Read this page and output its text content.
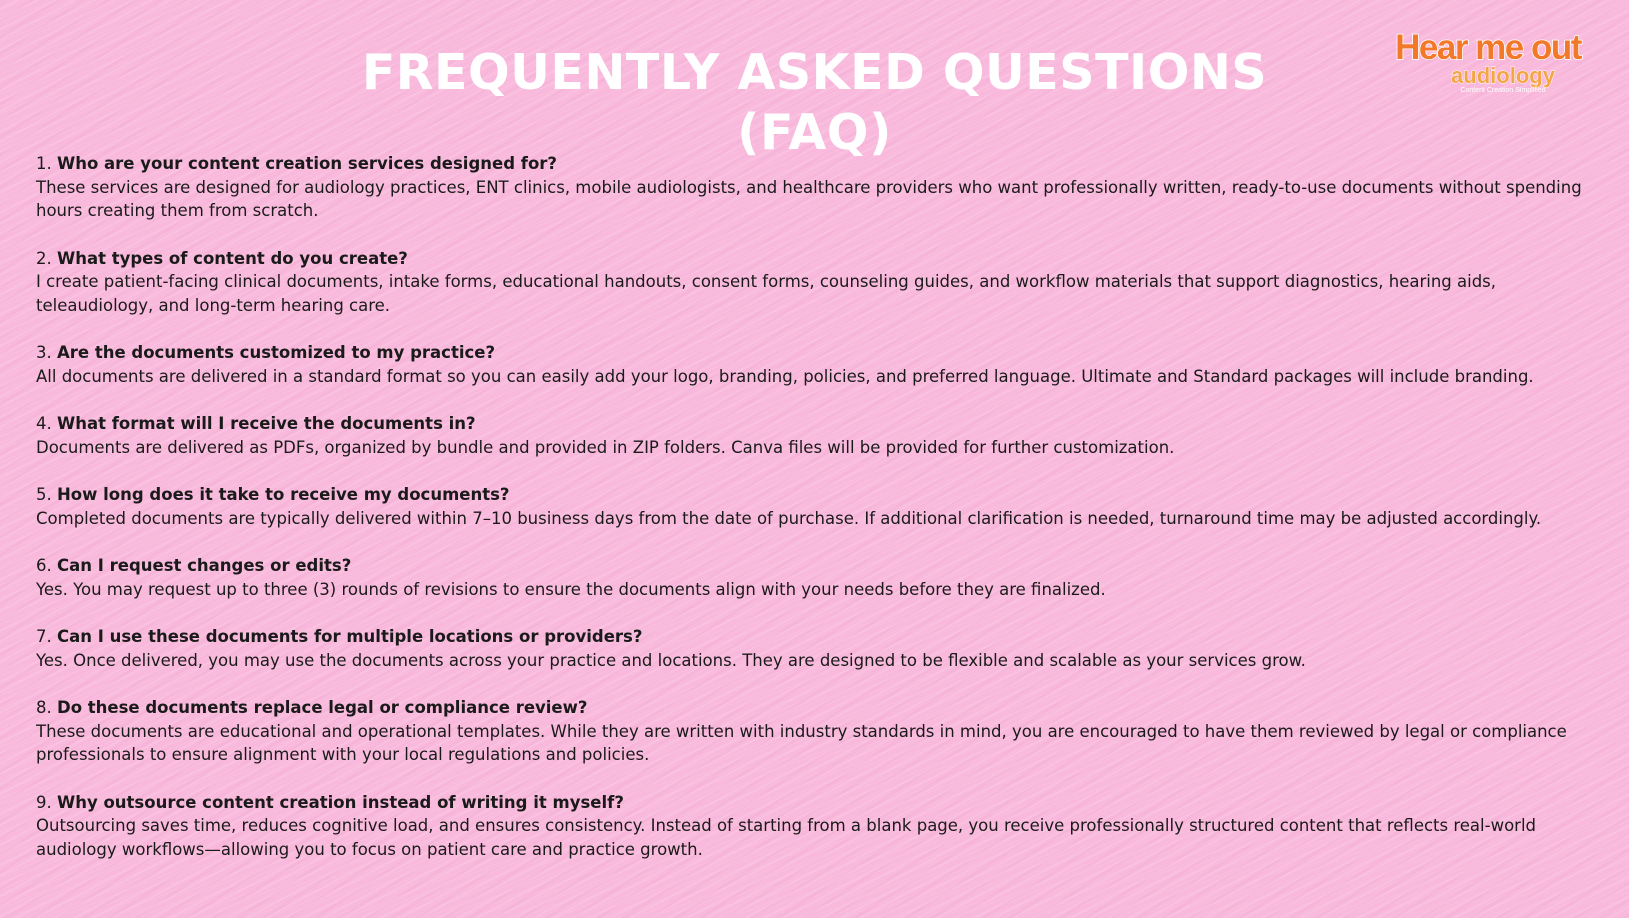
FREQUENTLY ASKED QUESTIONS
(FAQ)
Hear me out
audiology
Content Creation Simplified
1. Who are your content creation services designed for?
These services are designed for audiology practices, ENT clinics, mobile audiologists, and healthcare providers who want professionally written, ready-to-use documents without spending hours creating them from scratch.
2. What types of content do you create?
I create patient-facing clinical documents, intake forms, educational handouts, consent forms, counseling guides, and workflow materials that support diagnostics, hearing aids, teleaudiology, and long-term hearing care.
3. Are the documents customized to my practice?
All documents are delivered in a standard format so you can easily add your logo, branding, policies, and preferred language. Ultimate and Standard packages will include branding.
4. What format will I receive the documents in?
Documents are delivered as PDFs, organized by bundle and provided in ZIP folders. Canva files will be provided for further customization.
5. How long does it take to receive my documents?
Completed documents are typically delivered within 7–10 business days from the date of purchase. If additional clarification is needed, turnaround time may be adjusted accordingly.
6. Can I request changes or edits?
Yes. You may request up to three (3) rounds of revisions to ensure the documents align with your needs before they are finalized.
7. Can I use these documents for multiple locations or providers?
Yes. Once delivered, you may use the documents across your practice and locations. They are designed to be flexible and scalable as your services grow.
8. Do these documents replace legal or compliance review?
These documents are educational and operational templates. While they are written with industry standards in mind, you are encouraged to have them reviewed by legal or compliance professionals to ensure alignment with your local regulations and policies.
9. Why outsource content creation instead of writing it myself?
Outsourcing saves time, reduces cognitive load, and ensures consistency. Instead of starting from a blank page, you receive professionally structured content that reflects real-world audiology workflows—allowing you to focus on patient care and practice growth.
